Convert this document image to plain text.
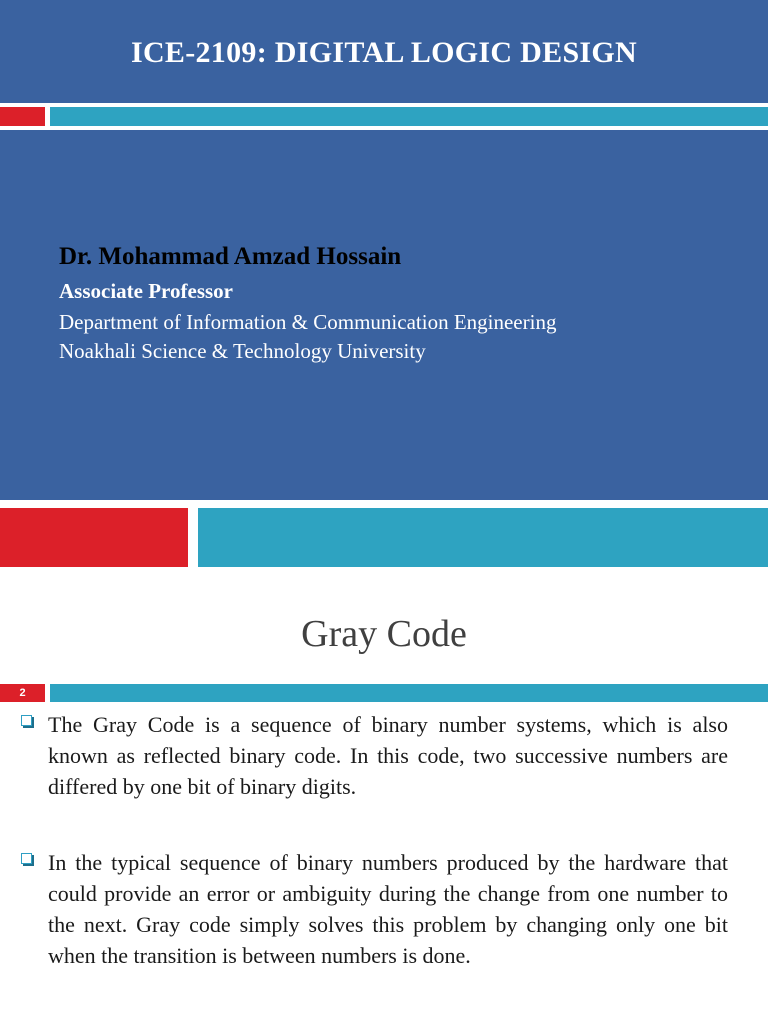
ICE-2109: DIGITAL LOGIC DESIGN
Dr. Mohammad Amzad Hossain
Associate Professor
Department of Information & Communication Engineering
Noakhali Science & Technology University
Gray Code
2
The Gray Code is a sequence of binary number systems, which is also known as reflected binary code. In this code, two successive numbers are differed by one bit of binary digits.
In the typical sequence of binary numbers produced by the hardware that could provide an error or ambiguity during the change from one number to the next. Gray code simply solves this problem by changing only one bit when the transition is between numbers is done.
